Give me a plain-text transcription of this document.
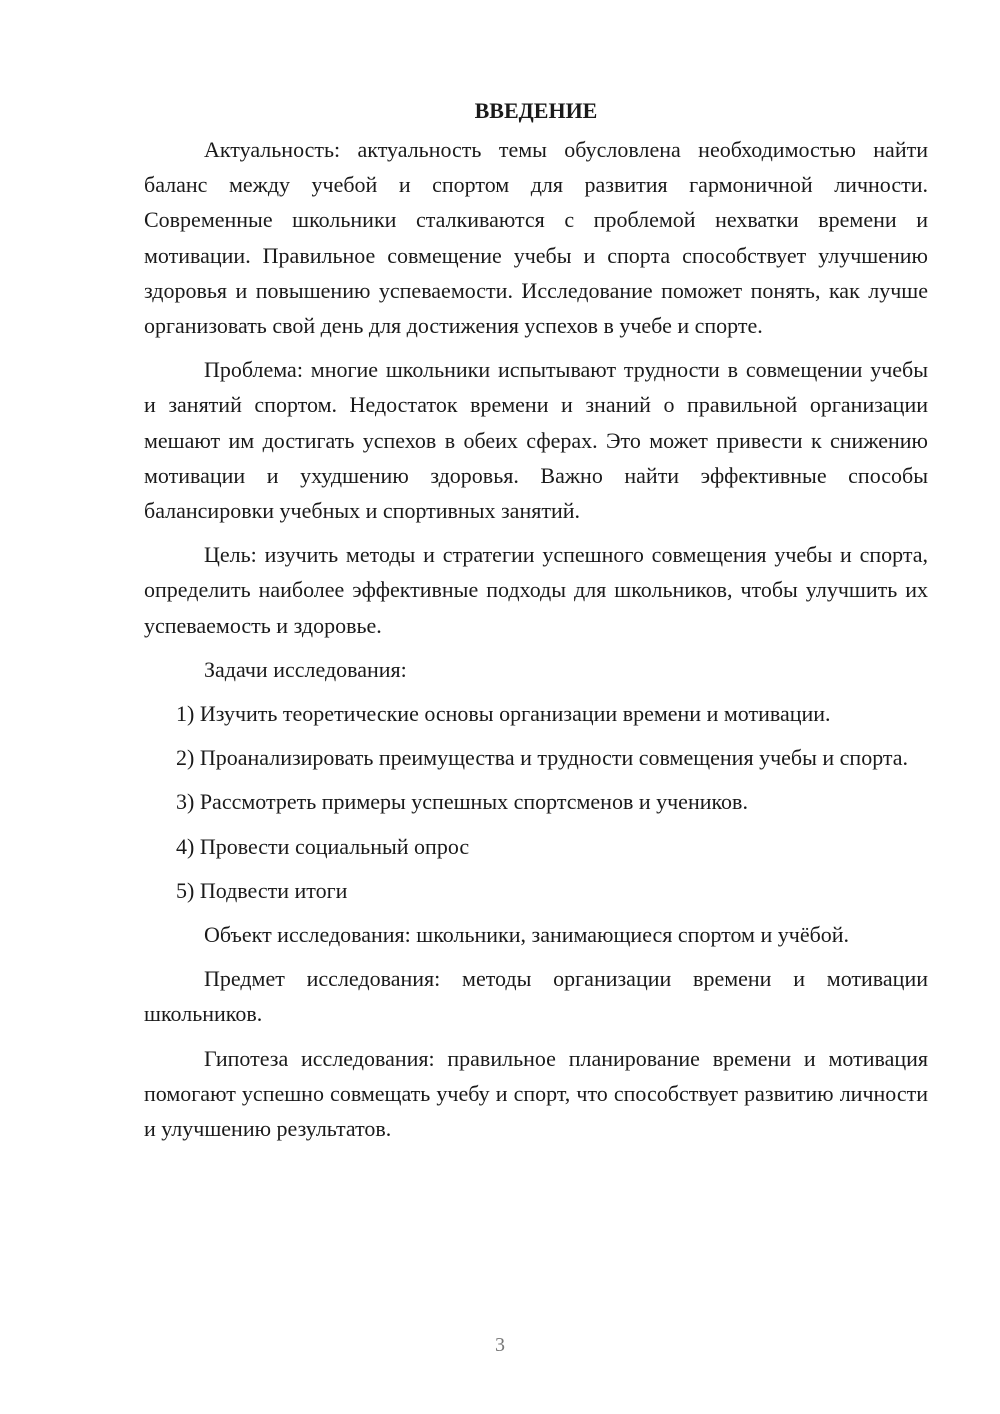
ВВЕДЕНИЕ

Актуальность: актуальность темы обусловлена необходимостью найти баланс между учебой и спортом для развития гармоничной личности. Современные школьники сталкиваются с проблемой нехватки времени и мотивации. Правильное совмещение учебы и спорта способствует улучшению здоровья и повышению успеваемости. Исследование поможет понять, как лучше организовать свой день для достижения успехов в учебе и спорте.

Проблема: многие школьники испытывают трудности в совмещении учебы и занятий спортом. Недостаток времени и знаний о правильной организации мешают им достигать успехов в обеих сферах. Это может привести к снижению мотивации и ухудшению здоровья. Важно найти эффективные способы балансировки учебных и спортивных занятий.

Цель: изучить методы и стратегии успешного совмещения учебы и спорта, определить наиболее эффективные подходы для школьников, чтобы улучшить их успеваемость и здоровье.

Задачи исследования:

1) Изучить теоретические основы организации времени и мотивации.

2) Проанализировать преимущества и трудности совмещения учебы и спорта.

3) Рассмотреть примеры успешных спортсменов и учеников.

4) Провести социальный опрос

5) Подвести итоги

Объект исследования: школьники, занимающиеся спортом и учёбой.

Предмет исследования: методы организации времени и мотивации школьников.

Гипотеза исследования: правильное планирование времени и мотивация помогают успешно совмещать учебу и спорт, что способствует развитию личности и улучшению результатов.

3
